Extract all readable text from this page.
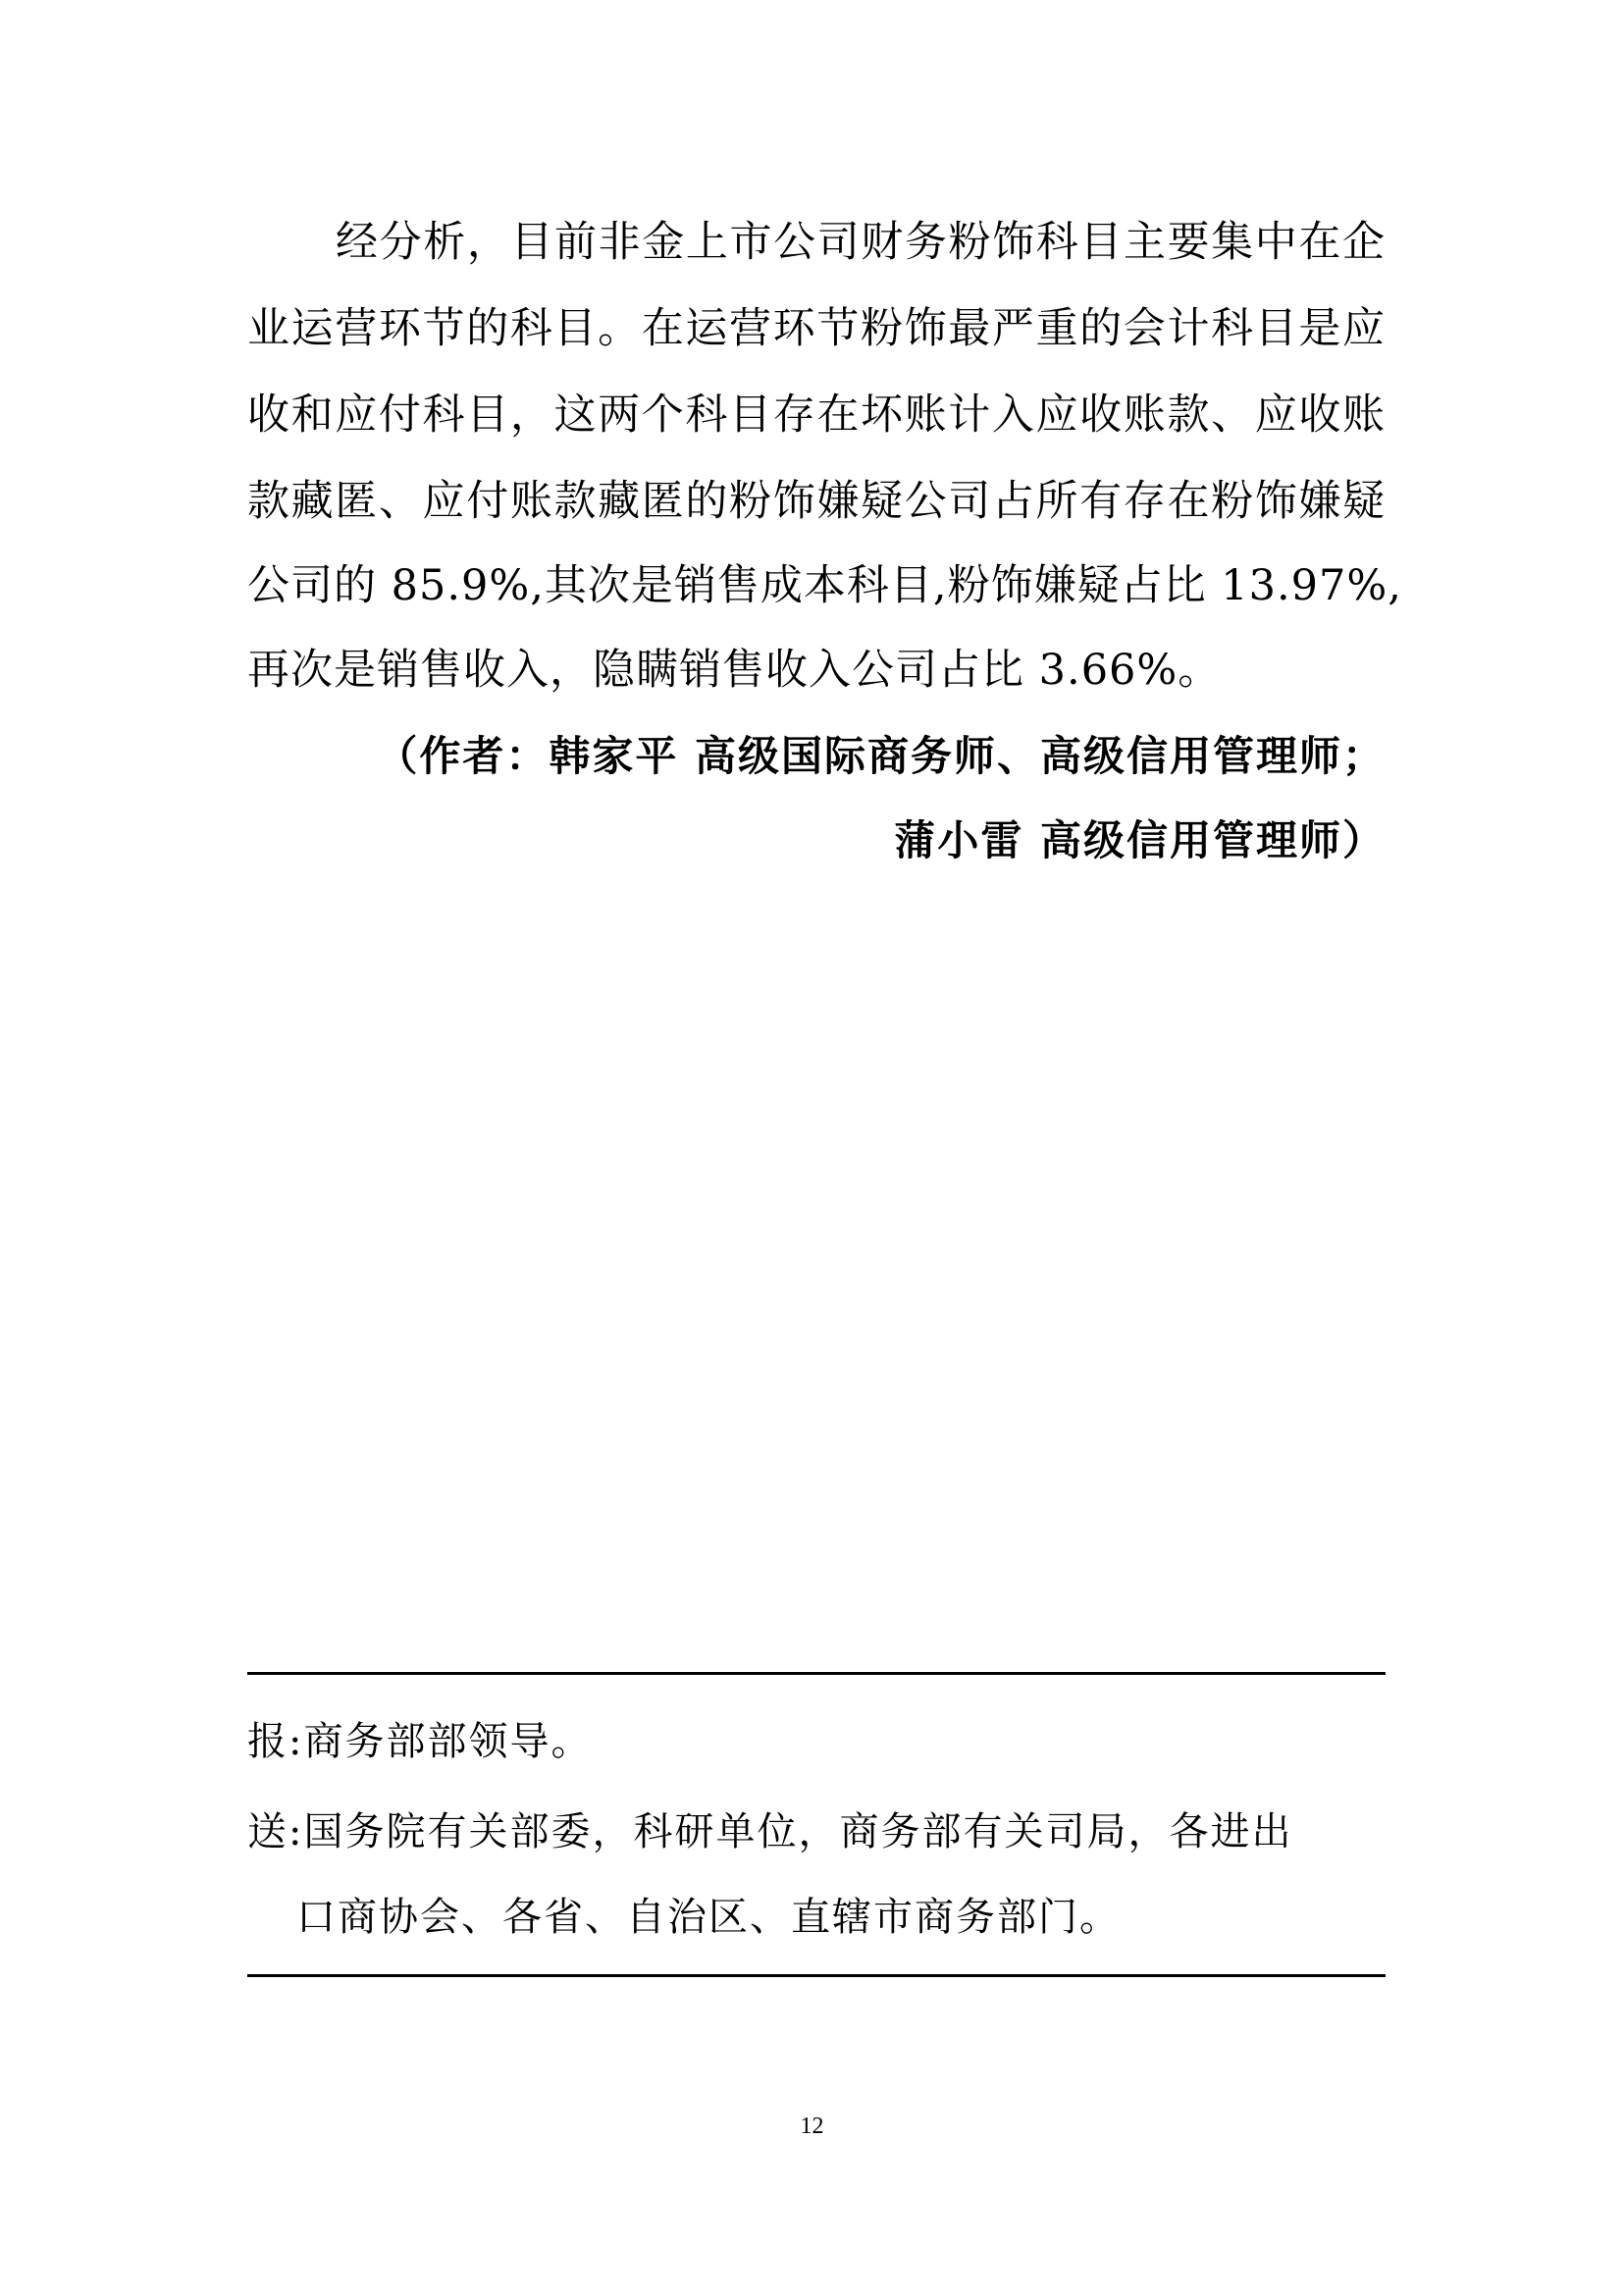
经分析，目前非金上市公司财务粉饰科目主要集中在企
业运营环节的科目。在运营环节粉饰最严重的会计科目是应
收和应付科目，这两个科目存在坏账计入应收账款、应收账
款藏匿、应付账款藏匿的粉饰嫌疑公司占所有存在粉饰嫌疑
公司的 85.9%,其次是销售成本科目,粉饰嫌疑占比 13.97%,
再次是销售收入，隐瞒销售收入公司占比 3.66%。
（作者：韩家平 高级国际商务师、高级信用管理师；
蒲小雷 高级信用管理师）
报:商务部部领导。
送:国务院有关部委，科研单位，商务部有关司局，各进出
口商协会、各省、自治区、直辖市商务部门。
12
